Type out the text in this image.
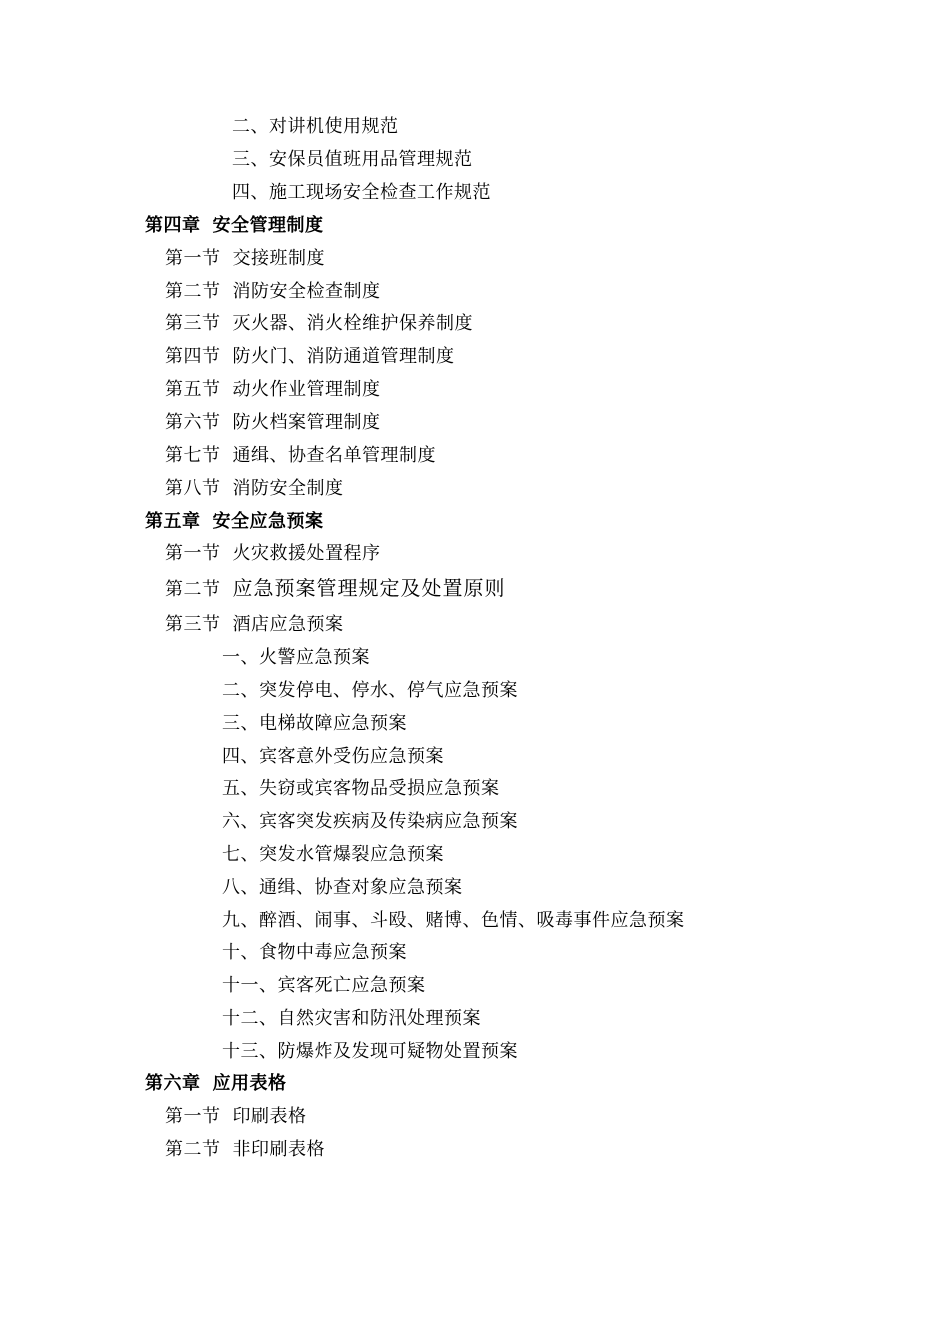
二、对讲机使用规范
三、安保员值班用品管理规范
四、施工现场安全检查工作规范
第四章 安全管理制度
第一节 交接班制度
第二节 消防安全检查制度
第三节 灭火器、消火栓维护保养制度
第四节 防火门、消防通道管理制度
第五节 动火作业管理制度
第六节 防火档案管理制度
第七节 通缉、协查名单管理制度
第八节 消防安全制度
第五章 安全应急预案
第一节 火灾救援处置程序
第二节 应急预案管理规定及处置原则
第三节 酒店应急预案
一、火警应急预案
二、突发停电、停水、停气应急预案
三、电梯故障应急预案
四、宾客意外受伤应急预案
五、失窃或宾客物品受损应急预案
六、宾客突发疾病及传染病应急预案
七、突发水管爆裂应急预案
八、通缉、协查对象应急预案
九、醉酒、闹事、斗殴、赌博、色情、吸毒事件应急预案
十、食物中毒应急预案
十一、宾客死亡应急预案
十二、自然灾害和防汛处理预案
十三、防爆炸及发现可疑物处置预案
第六章 应用表格
第一节 印刷表格
第二节 非印刷表格
